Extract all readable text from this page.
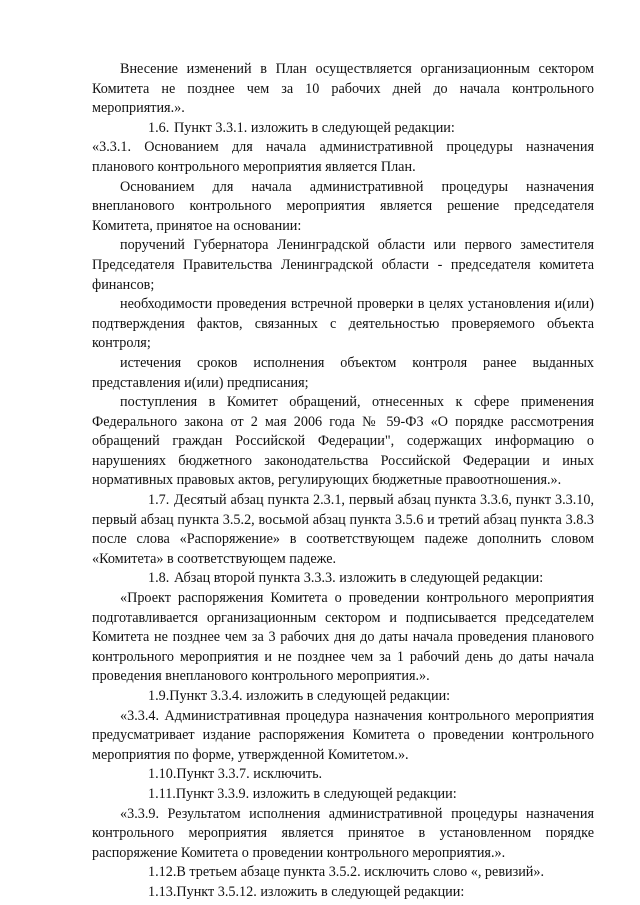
Внесение изменений в План осуществляется организационным сектором Комитета не позднее чем за 10 рабочих дней до начала контрольного мероприятия.».

1.6. Пункт 3.3.1. изложить в следующей редакции:

«3.3.1. Основанием для начала административной процедуры назначения планового контрольного мероприятия является План.

Основанием для начала административной процедуры назначения внепланового контрольного мероприятия является решение председателя Комитета, принятое на основании:

поручений Губернатора Ленинградской области или первого заместителя Председателя Правительства Ленинградской области - председателя комитета финансов;

необходимости проведения встречной проверки в целях установления и(или) подтверждения фактов, связанных с деятельностью проверяемого объекта контроля;

истечения сроков исполнения объектом контроля ранее выданных представления и(или) предписания;

поступления в Комитет обращений, отнесенных к сфере применения Федерального закона от 2 мая 2006 года № 59-ФЗ «О порядке рассмотрения обращений граждан Российской Федерации", содержащих информацию о нарушениях бюджетного законодательства Российской Федерации и иных нормативных правовых актов, регулирующих бюджетные правоотношения.».

1.7. Десятый абзац пункта 2.3.1, первый абзац пункта 3.3.6, пункт 3.3.10, первый абзац пункта 3.5.2, восьмой абзац пункта 3.5.6 и третий абзац пункта 3.8.3 после слова «Распоряжение» в соответствующем падеже дополнить словом «Комитета» в соответствующем падеже.

1.8. Абзац второй пункта 3.3.3. изложить в следующей редакции:

«Проект распоряжения Комитета о проведении контрольного мероприятия подготавливается организационным сектором и подписывается председателем Комитета не позднее чем за 3 рабочих дня до даты начала проведения планового контрольного мероприятия и не позднее чем за 1 рабочий день до даты начала проведения внепланового контрольного мероприятия.».

1.9.Пункт 3.3.4. изложить в следующей редакции:

«3.3.4. Административная процедура назначения контрольного мероприятия предусматривает издание распоряжения Комитета о проведении контрольного мероприятия по форме, утвержденной Комитетом.».

1.10.Пункт 3.3.7. исключить.

1.11.Пункт 3.3.9. изложить в следующей редакции:

«3.3.9. Результатом исполнения административной процедуры назначения контрольного мероприятия является принятое в установленном порядке распоряжение Комитета о проведении контрольного мероприятия.».

1.12.В третьем абзаце пункта 3.5.2. исключить слово «, ревизий».

1.13.Пункт 3.5.12. изложить в следующей редакции:
